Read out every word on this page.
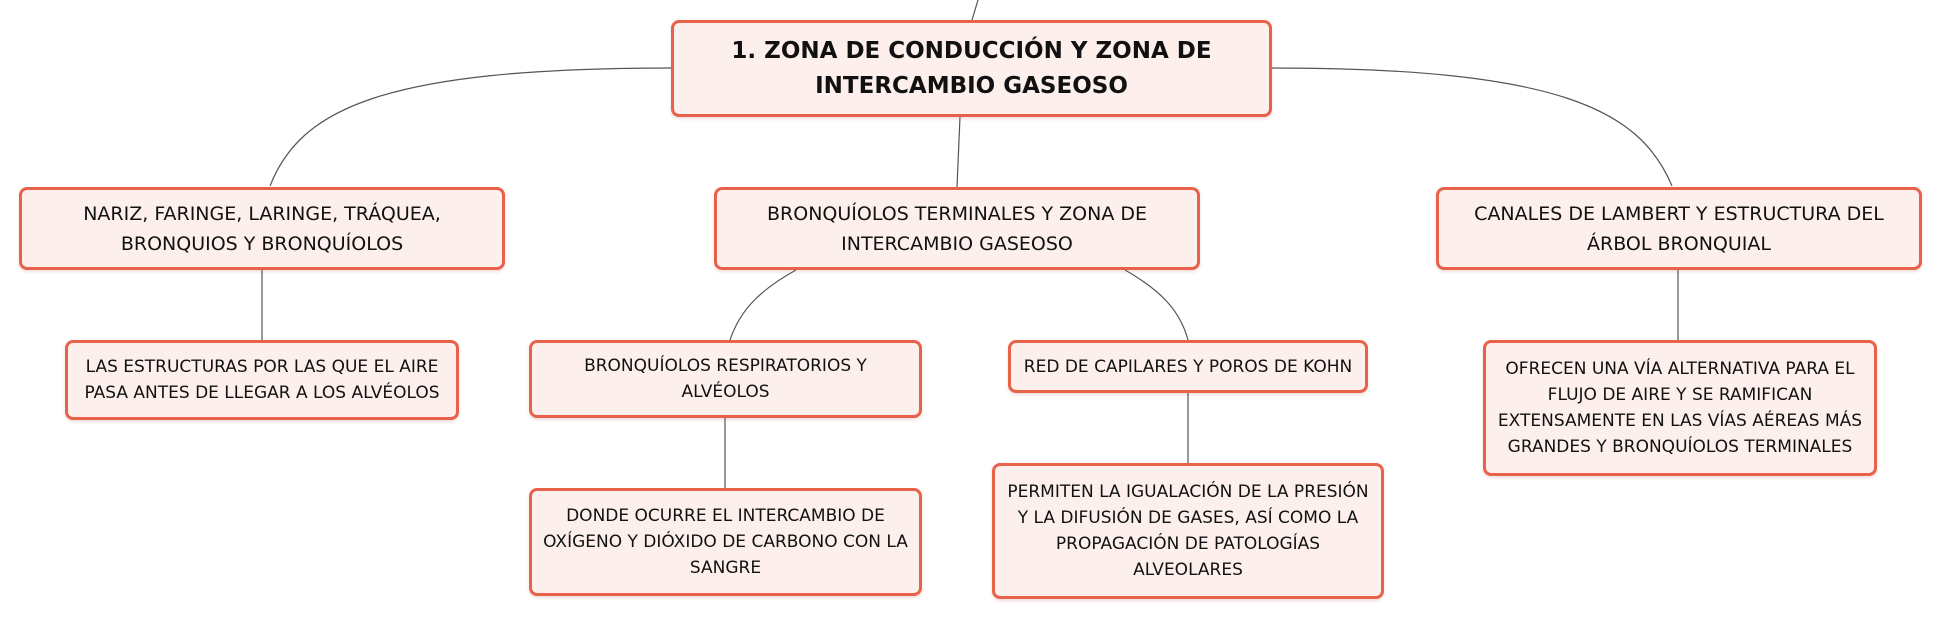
1. ZONA DE CONDUCCIÓN Y ZONA DE INTERCAMBIO GASEOSO
NARIZ, FARINGE, LARINGE, TRÁQUEA, BRONQUIOS Y BRONQUÍOLOS
BRONQUÍOLOS TERMINALES Y ZONA DE INTERCAMBIO GASEOSO
CANALES DE LAMBERT Y ESTRUCTURA DEL ÁRBOL BRONQUIAL
LAS ESTRUCTURAS POR LAS QUE EL AIRE PASA ANTES DE LLEGAR A LOS ALVÉOLOS
BRONQUÍOLOS RESPIRATORIOS Y ALVÉOLOS
RED DE CAPILARES Y POROS DE KOHN	OFRECEN UNA VÍA ALTERNATIVA PARA EL FLUJO DE AIRE Y SE RAMIFICAN EXTENSAMENTE EN LAS VÍAS AÉREAS MÁS GRANDES Y BRONQUÍOLOS TERMINALES
DONDE OCURRE EL INTERCAMBIO DE OXÍGENO Y DIÓXIDO DE CARBONO CON LA SANGRE
PERMITEN LA IGUALACIÓN DE LA PRESIÓN Y LA DIFUSIÓN DE GASES, ASÍ COMO LA PROPAGACIÓN DE PATOLOGÍAS ALVEOLARES
